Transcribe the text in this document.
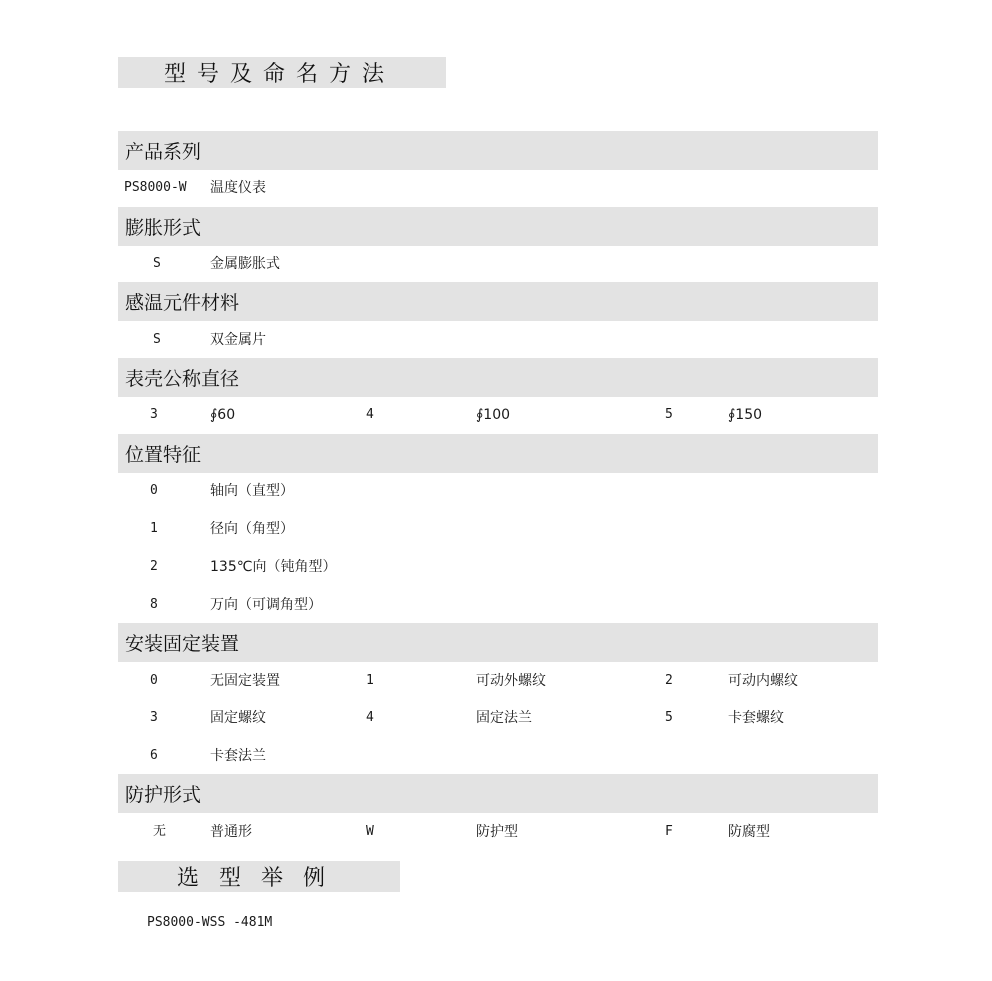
型号及命名方法
产品系列
PS8000-W 温度仪表
膨胀形式
S	金属膨胀式
感温元件材料
S	双金属片
表壳公称直径
3	∮60	4	∮100	5	∮150
位置特征
0	轴向（直型）
1	径向（角型）
2	135℃向（钝角型）
8	万向（可调角型）
安装固定装置
0	无固定装置	1	可动外螺纹	2	可动内螺纹
3	固定螺纹	4	固定法兰	5	卡套螺纹
6	卡套法兰
防护形式
无	普通形	W	防护型	F	防腐型
选型举例
PS8000-WSS -481M
